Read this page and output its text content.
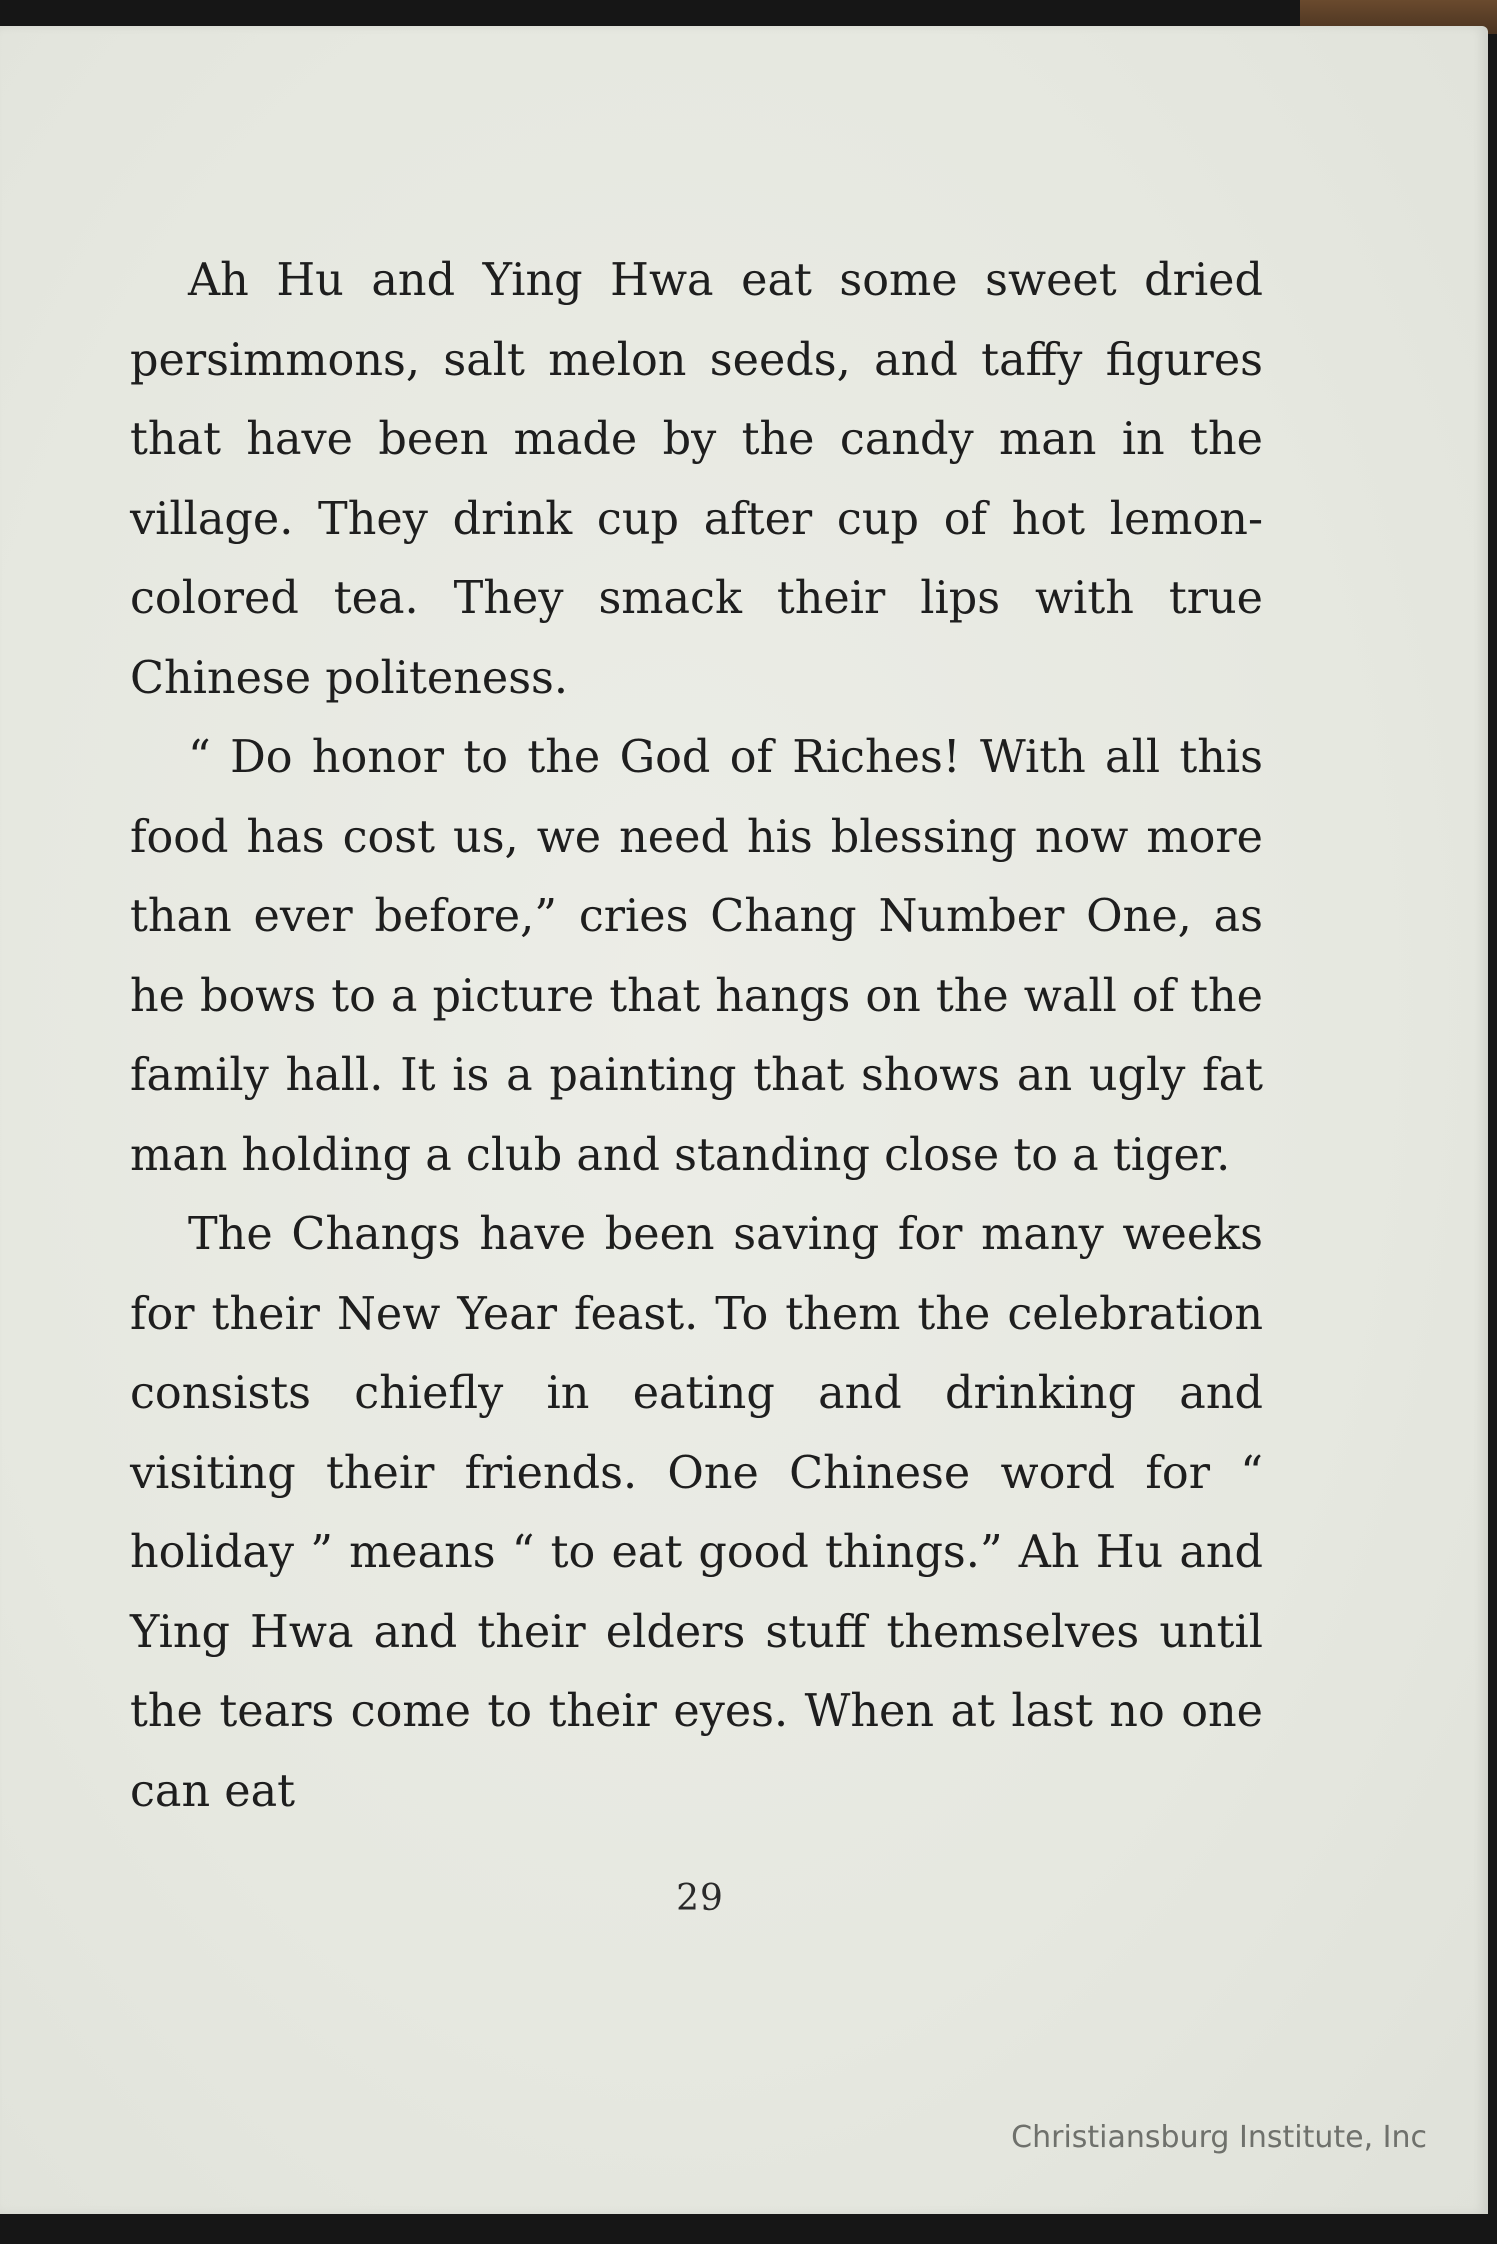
Ah Hu and Ying Hwa eat some sweet dried persimmons, salt melon seeds, and taffy figures that have been made by the candy man in the village. They drink cup after cup of hot lemon-colored tea. They smack their lips with true Chinese politeness.

“ Do honor to the God of Riches! With all this food has cost us, we need his blessing now more than ever before,” cries Chang Number One, as he bows to a picture that hangs on the wall of the family hall. It is a painting that shows an ugly fat man holding a club and standing close to a tiger.

The Changs have been saving for many weeks for their New Year feast. To them the celebration consists chiefly in eating and drinking and visiting their friends. One Chinese word for “ holiday ” means “ to eat good things.” Ah Hu and Ying Hwa and their elders stuff themselves until the tears come to their eyes. When at last no one can eat

29
Christiansburg Institute, Inc
